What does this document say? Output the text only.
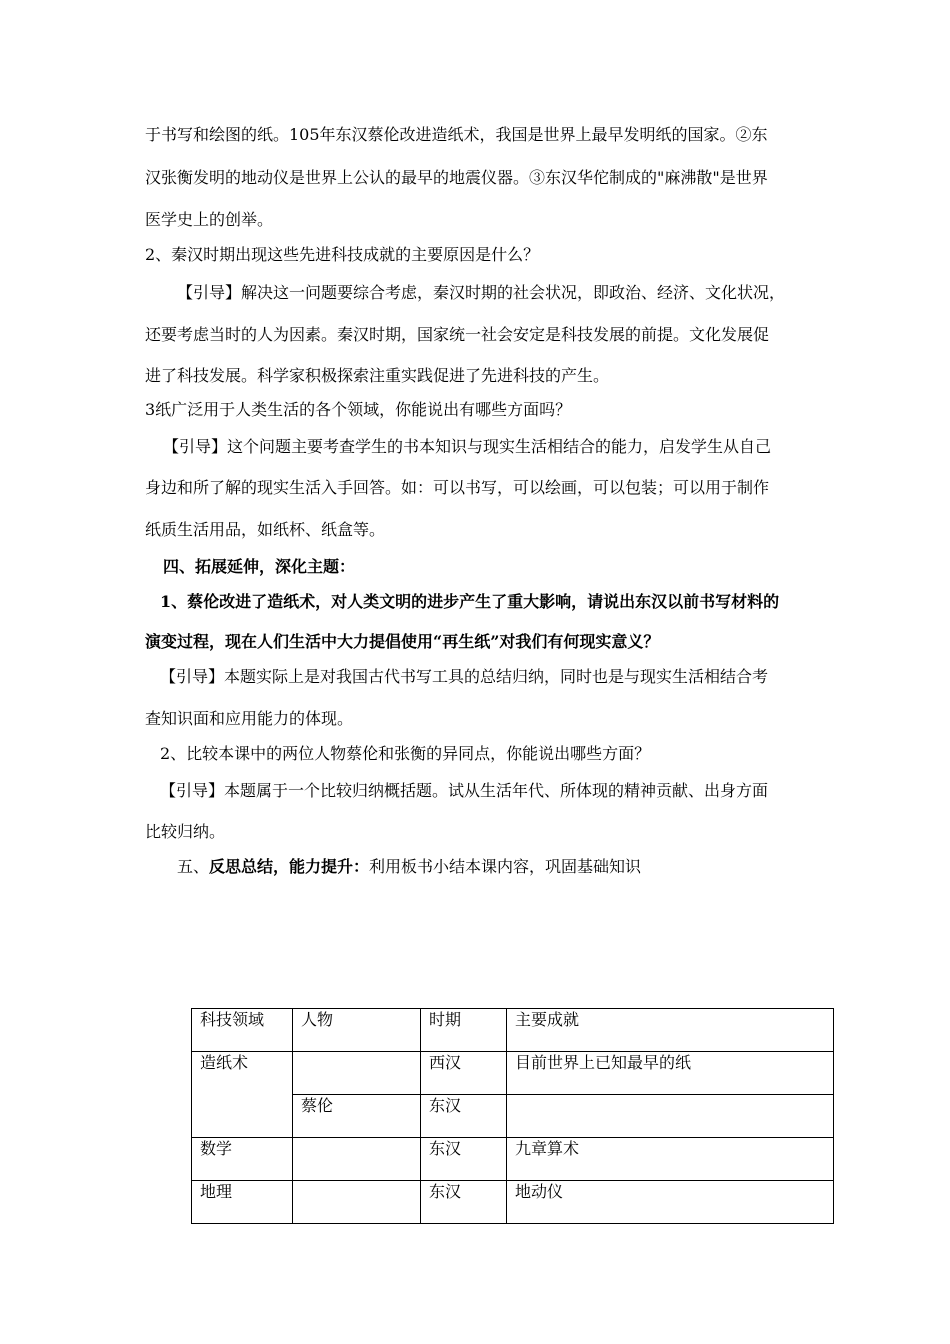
于书写和绘图的纸。105年东汉蔡伦改进造纸术，我国是世界上最早发明纸的国家。②东
汉张衡发明的地动仪是世界上公认的最早的地震仪器。③东汉华佗制成的"麻沸散"是世界
医学史上的创举。
2、秦汉时期出现这些先进科技成就的主要原因是什么？
【引导】解决这一问题要综合考虑，秦汉时期的社会状况，即政治、经济、文化状况，
还要考虑当时的人为因素。秦汉时期，国家统一社会安定是科技发展的前提。文化发展促
进了科技发展。科学家积极探索注重实践促进了先进科技的产生。
3纸广泛用于人类生活的各个领域，你能说出有哪些方面吗？
【引导】这个问题主要考查学生的书本知识与现实生活相结合的能力，启发学生从自己
身边和所了解的现实生活入手回答。如：可以书写，可以绘画，可以包装；可以用于制作
纸质生活用品，如纸杯、纸盒等。
四、拓展延伸，深化主题：
1、蔡伦改进了造纸术，对人类文明的进步产生了重大影响，请说出东汉以前书写材料的
演变过程，现在人们生活中大力提倡使用“再生纸”对我们有何现实意义？
【引导】本题实际上是对我国古代书写工具的总结归纳，同时也是与现实生活相结合考
查知识面和应用能力的体现。
2、比较本课中的两位人物蔡伦和张衡的异同点，你能说出哪些方面？
【引导】本题属于一个比较归纳概括题。试从生活年代、所体现的精神贡献、出身方面
比较归纳。
五、反思总结，能力提升：利用板书小结本课内容，巩固基础知识
科技领域	人物	时期	主要成就
造纸术		西汉	目前世界上已知最早的纸
	蔡伦	东汉	
数学		东汉	九章算术
地理		东汉	地动仪
